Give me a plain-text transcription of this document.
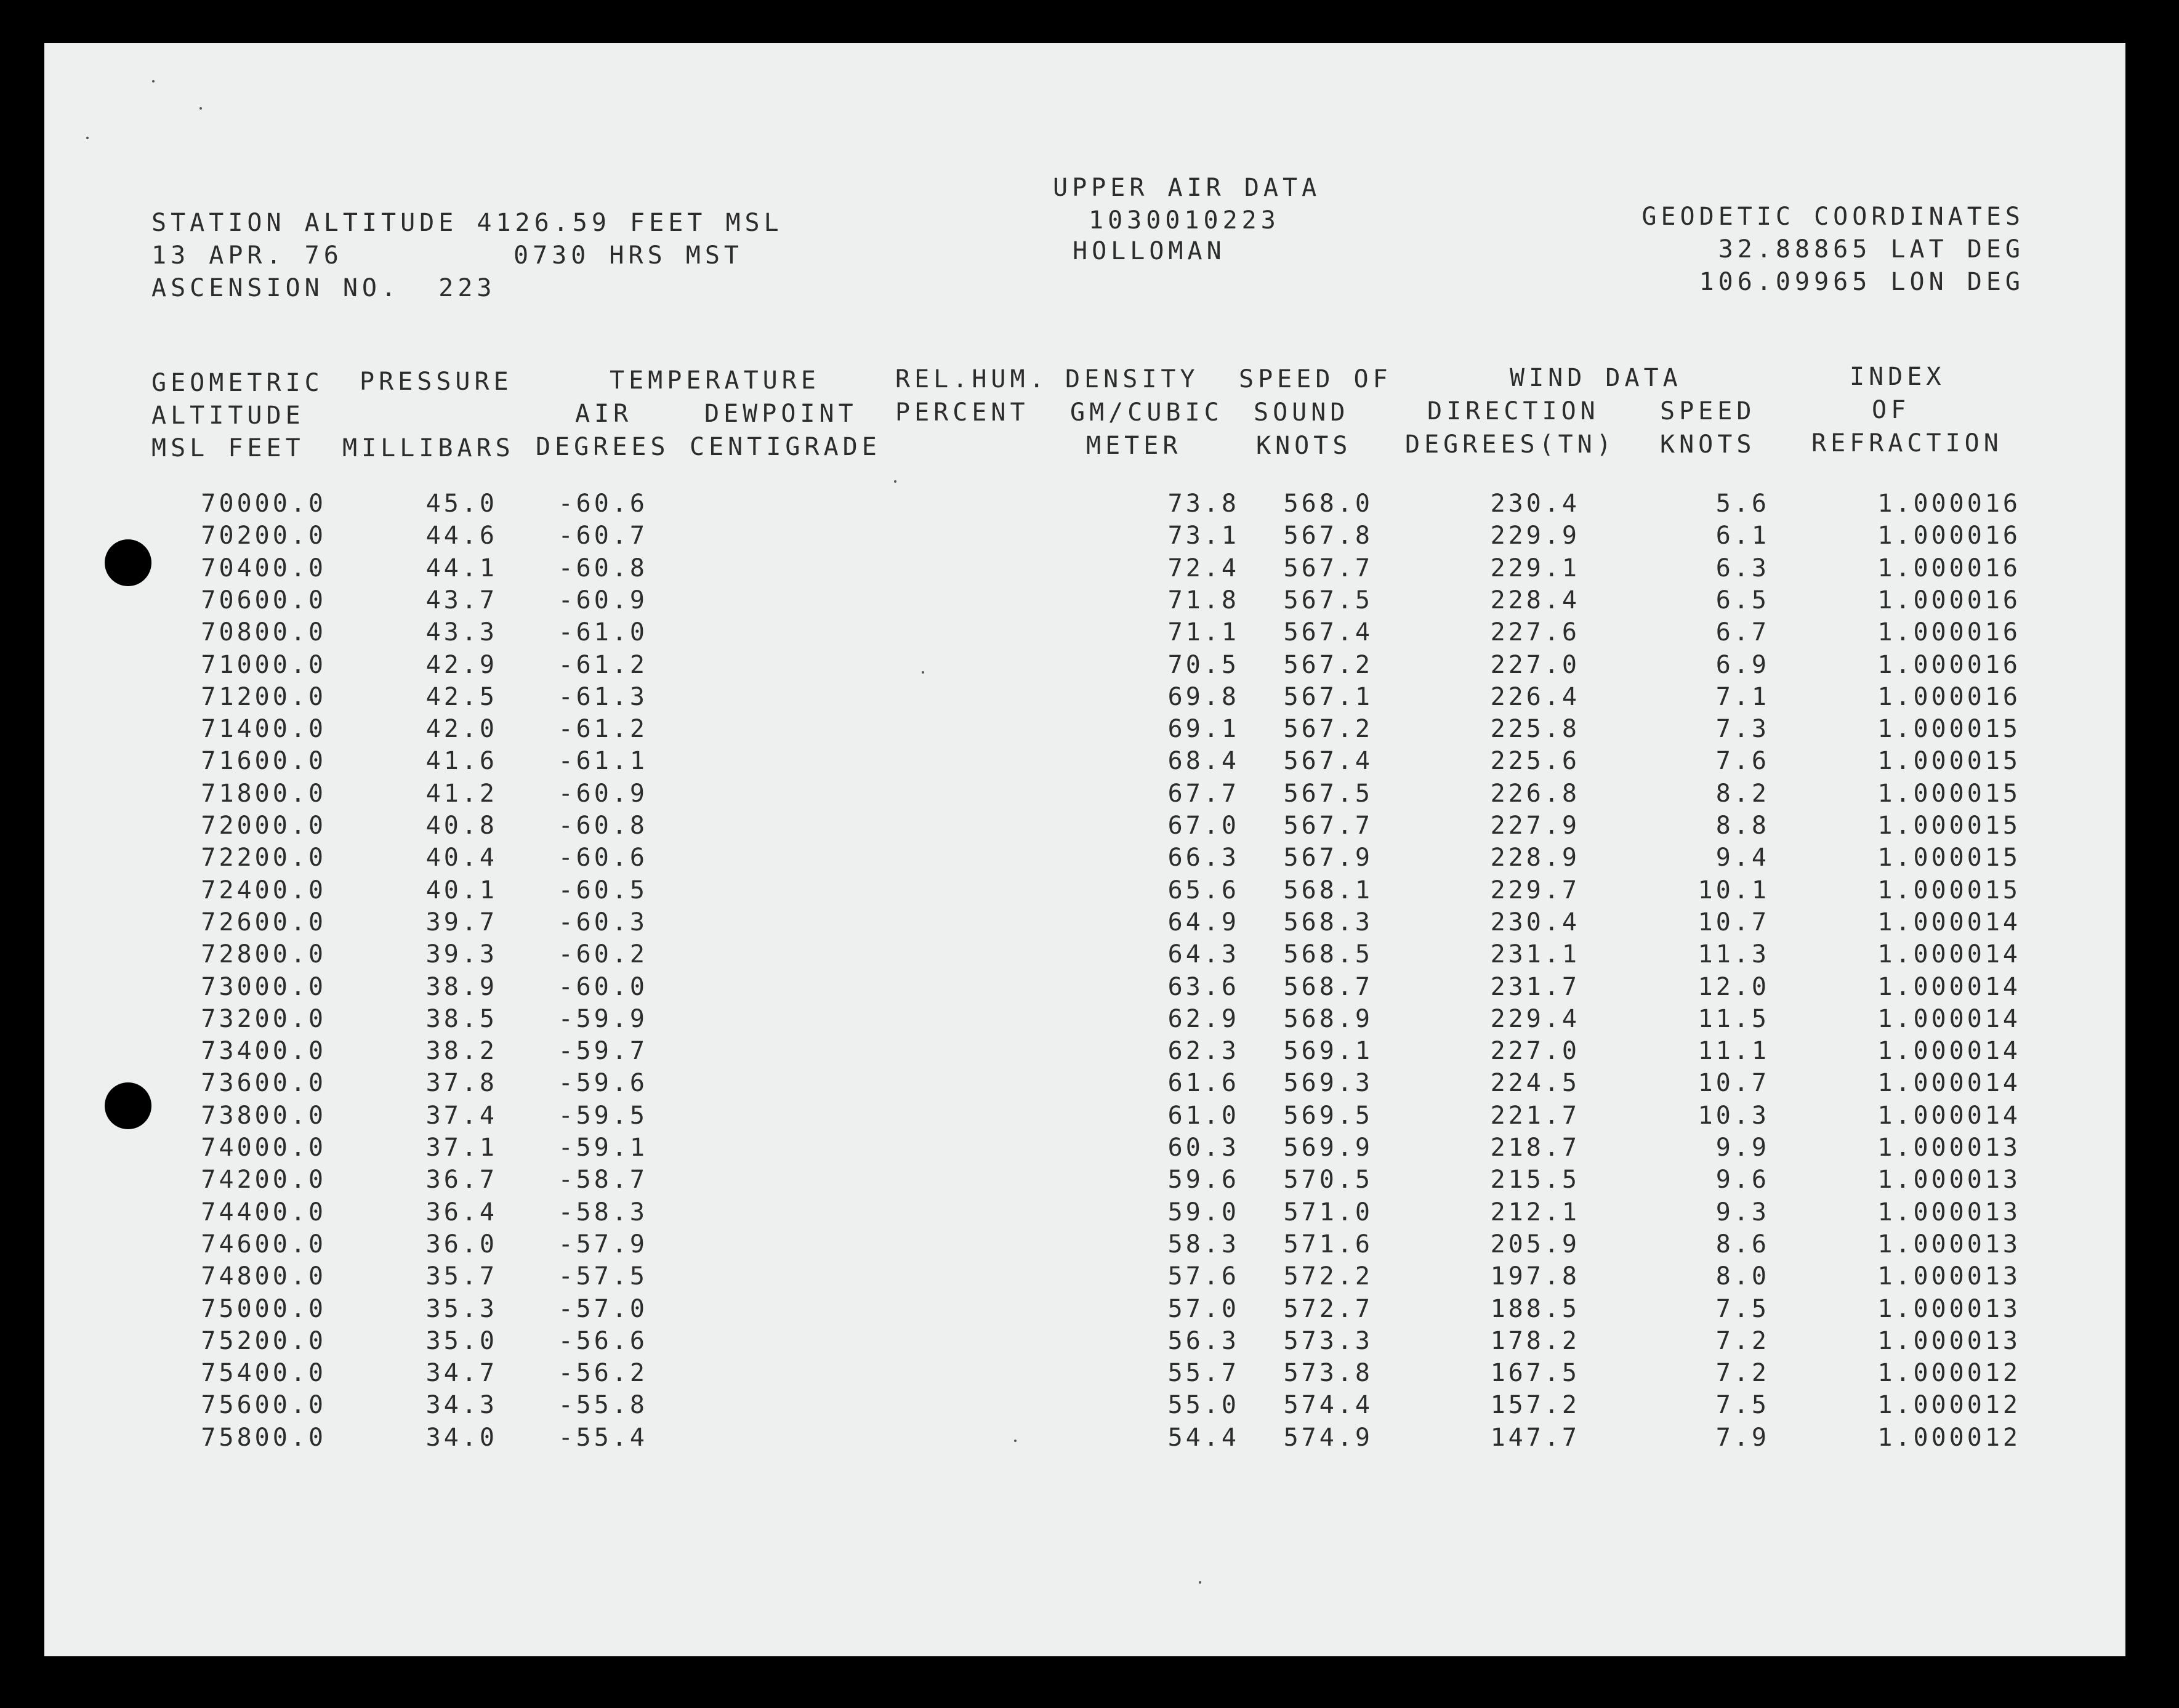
UPPER AIR DATA
1030010223
HOLLOMAN
STATION ALTITUDE 4126.59 FEET MSL
13 APR. 76	0730 HRS MST
ASCENSION NO.  223
GEODETIC COORDINATES
32.88865 LAT DEG
106.09965 LON DEG
GEOMETRIC
ALTITUDE
MSL FEET
PRESSURE
MILLIBARS
TEMPERATURE
AIR
DEGREES
DEWPOINT
CENTIGRADE
REL.HUM.
PERCENT
DENSITY
GM/CUBIC
METER
SPEED OF
SOUND
KNOTS
WIND DATA
DIRECTION
DEGREES(TN)
SPEED
KNOTS
INDEX
OF
REFRACTION
70000.0	45.0 -60.6	73.8 568.0	230.4	5.6	1.000016
70200.0	44.6 -60.7	73.1 567.8	229.9	6.1	1.000016
70400.0	44.1 -60.8	72.4 567.7	229.1	6.3	1.000016
70600.0	43.7 -60.9	71.8 567.5	228.4	6.5	1.000016
70800.0	43.3 -61.0	71.1 567.4	227.6	6.7	1.000016
71000.0	42.9 -61.2	70.5 567.2	227.0	6.9	1.000016
71200.0	42.5 -61.3	69.8 567.1	226.4	7.1	1.000016
71400.0	42.0 -61.2	69.1 567.2	225.8	7.3	1.000015
71600.0	41.6 -61.1	68.4 567.4	225.6	7.6	1.000015
71800.0	41.2 -60.9	67.7 567.5	226.8	8.2	1.000015
72000.0	40.8 -60.8	67.0 567.7	227.9	8.8	1.000015
72200.0	40.4 -60.6	66.3 567.9	228.9	9.4	1.000015
72400.0	40.1 -60.5	65.6 568.1	229.7	10.1	1.000015
72600.0	39.7 -60.3	64.9 568.3	230.4	10.7	1.000014
72800.0	39.3 -60.2	64.3 568.5	231.1	11.3	1.000014
73000.0	38.9 -60.0	63.6 568.7	231.7	12.0	1.000014
73200.0	38.5 -59.9	62.9 568.9	229.4	11.5	1.000014
73400.0	38.2 -59.7	62.3 569.1	227.0	11.1	1.000014
73600.0	37.8 -59.6	61.6 569.3	224.5	10.7	1.000014
73800.0	37.4 -59.5	61.0 569.5	221.7	10.3	1.000014
74000.0	37.1 -59.1	60.3 569.9	218.7	9.9	1.000013
74200.0	36.7 -58.7	59.6 570.5	215.5	9.6	1.000013
74400.0	36.4 -58.3	59.0 571.0	212.1	9.3	1.000013
74600.0	36.0 -57.9	58.3 571.6	205.9	8.6	1.000013
74800.0	35.7 -57.5	57.6 572.2	197.8	8.0	1.000013
75000.0	35.3 -57.0	57.0 572.7	188.5	7.5	1.000013
75200.0	35.0 -56.6	56.3 573.3	178.2	7.2	1.000013
75400.0	34.7 -56.2	55.7 573.8	167.5	7.2	1.000012
75600.0	34.3 -55.8	55.0 574.4	157.2	7.5	1.000012
75800.0	34.0 -55.4	54.4 574.9	147.7	7.9	1.000012
